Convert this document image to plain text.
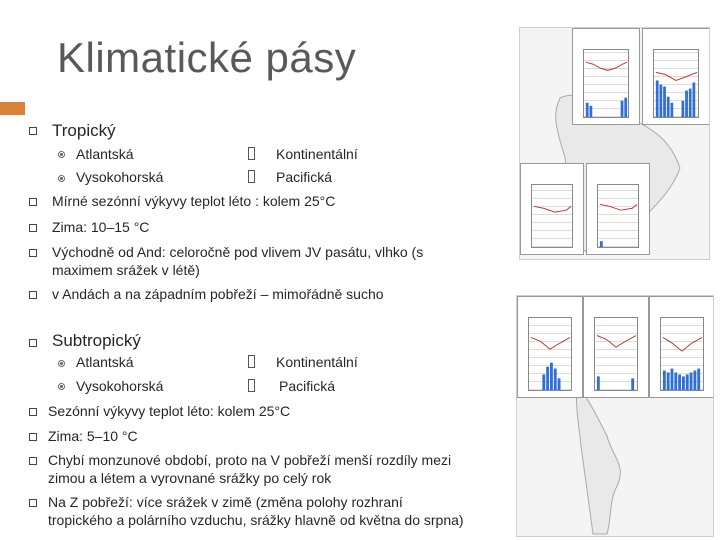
Klimatické pásy
Tropický
Atlantská	Kontinentální
Vysokohorská	Pacifická
Mírné sezónní výkyvy teplot léto : kolem 25°C
Zima: 10–15 °C
Východně od And: celoročně pod vlivem JV pasátu, vlhko (s
maximem srážek v létě)
v Andách a na západním pobřeží – mimořádně sucho
Subtropický
Atlantská	Kontinentální
Vysokohorská	Pacifická
Sezónní výkyvy teplot léto: kolem 25°C
Zima: 5–10 °C
Chybí monzunové období, proto na V pobřeží menší rozdíly mezi
zimou a létem a vyrovnané srážky po celý rok
Na Z pobřeží: více srážek v zimě (změna polohy rozhraní
tropického a polárního vzduchu, srážky hlavně od května do srpna)
